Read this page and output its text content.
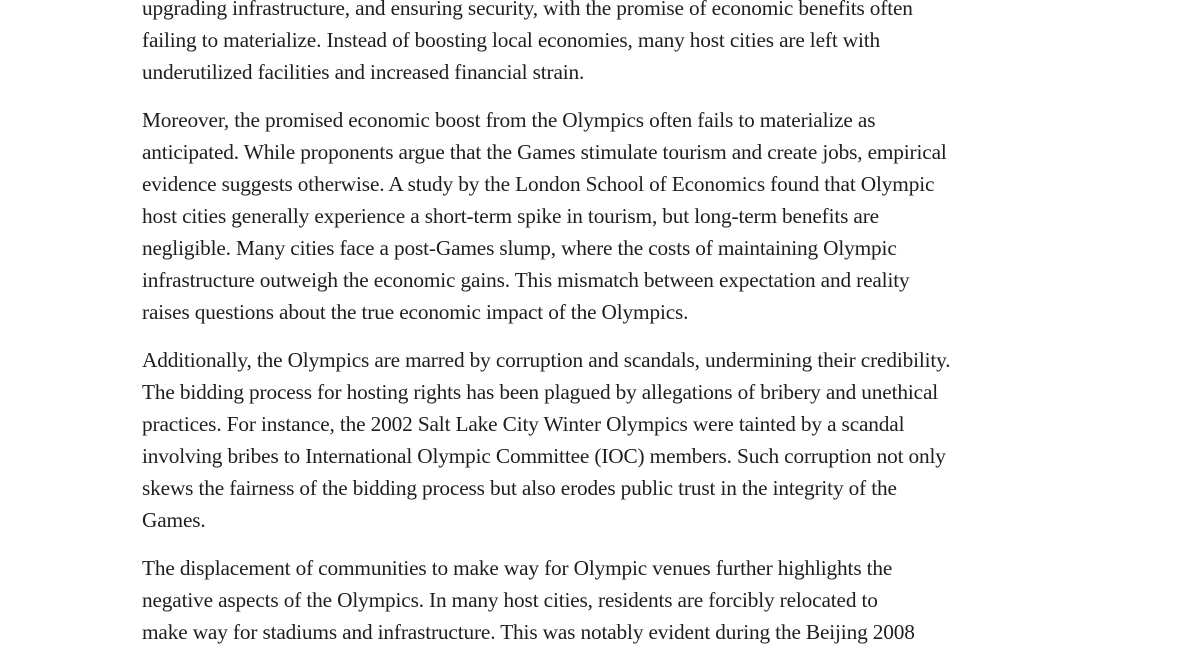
upgrading infrastructure, and ensuring security, with the promise of economic benefits often
failing to materialize. Instead of boosting local economies, many host cities are left with
underutilized facilities and increased financial strain.
Moreover, the promised economic boost from the Olympics often fails to materialize as
anticipated. While proponents argue that the Games stimulate tourism and create jobs, empirical
evidence suggests otherwise. A study by the London School of Economics found that Olympic
host cities generally experience a short-term spike in tourism, but long-term benefits are
negligible. Many cities face a post-Games slump, where the costs of maintaining Olympic
infrastructure outweigh the economic gains. This mismatch between expectation and reality
raises questions about the true economic impact of the Olympics.
Additionally, the Olympics are marred by corruption and scandals, undermining their credibility.
The bidding process for hosting rights has been plagued by allegations of bribery and unethical
practices. For instance, the 2002 Salt Lake City Winter Olympics were tainted by a scandal
involving bribes to International Olympic Committee (IOC) members. Such corruption not only
skews the fairness of the bidding process but also erodes public trust in the integrity of the
Games.
The displacement of communities to make way for Olympic venues further highlights the
negative aspects of the Olympics. In many host cities, residents are forcibly relocated to
make way for stadiums and infrastructure. This was notably evident during the Beijing 2008
